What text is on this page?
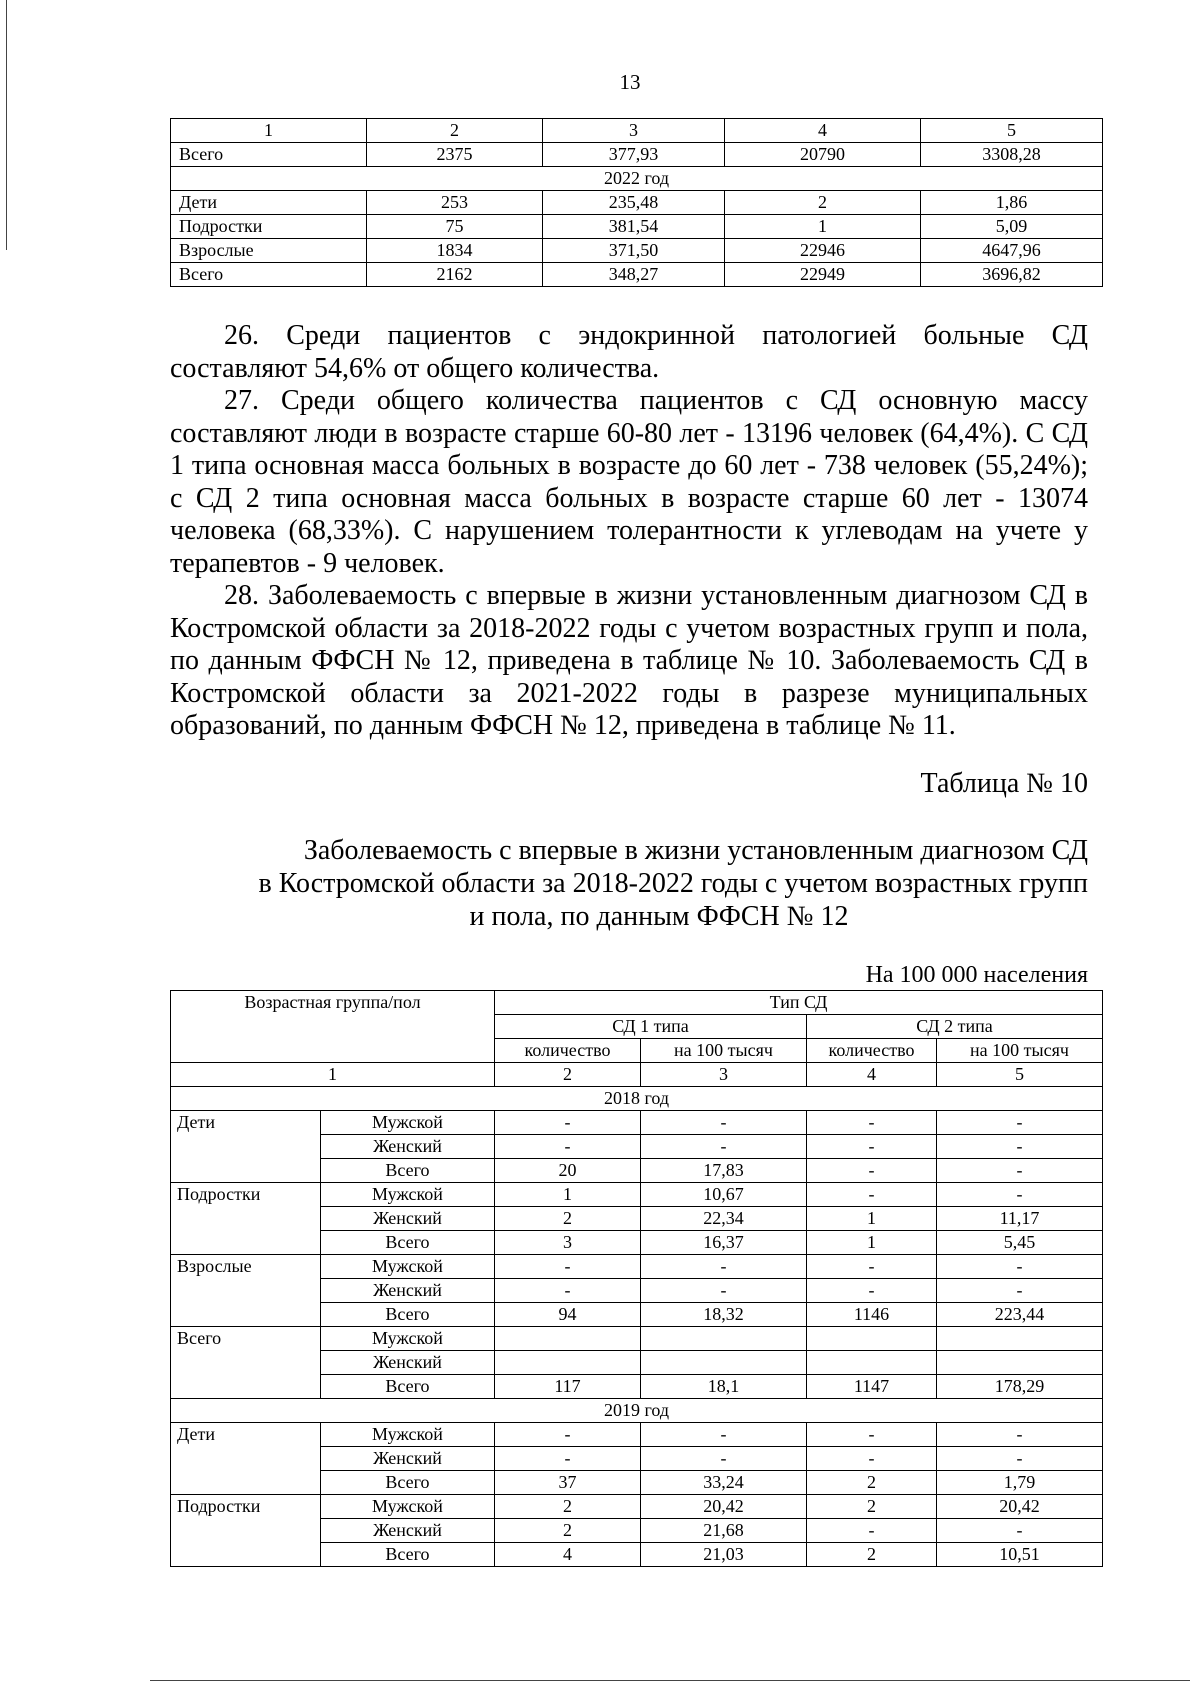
13
1	2	3	4	5
Всего	2375	377,93	20790	3308,28
2022 год				
Дети	253	235,48	2	1,86
Подростки	75	381,54	1	5,09
Взрослые	1834	371,50	22946	4647,96
Всего	2162	348,27	22949	3696,82

26. Среди пациентов с эндокринной патологией больные СД составляют 54,6% от общего количества.

27. Среди общего количества пациентов с СД основную массу составляют люди в возрасте старше 60-80 лет - 13196 человек (64,4%). С СД 1 типа основная масса больных в возрасте до 60 лет - 738 человек (55,24%); с СД 2 типа основная масса больных в возрасте старше 60 лет - 13074 человека (68,33%). С нарушением толерантности к углеводам на учете у терапевтов - 9 человек.

28. Заболеваемость с впервые в жизни установленным диагнозом СД в Костромской области за 2018-2022 годы с учетом возрастных групп и пола, по данным ФФСН № 12, приведена в таблице № 10. Заболеваемость СД в Костромской области за 2021-2022 годы в разрезе муниципальных образований, по данным ФФСН № 12, приведена в таблице № 11.

Таблица № 10
Заболеваемость с впервые в жизни установленным диагнозом СД
в Костромской области за 2018-2022 годы с учетом возрастных групп
и пола, по данным ФФСН № 12
На 100 000 населения
Возрастная группа/пол		Тип СД			
		СД 1 типа		СД 2 типа	
		количество	на 100 тысяч	количество	на 100 тысяч
1		2	3	4	5
2018 год					
Дети	Мужской	-	-	-	-
	Женский	-	-	-	-
	Всего	20	17,83	-	-
Подростки	Мужской	1	10,67	-	-
	Женский	2	22,34	1	11,17
	Всего	3	16,37	1	5,45
Взрослые	Мужской	-	-	-	-
	Женский	-	-	-	-
	Всего	94	18,32	1146	223,44
Всего	Мужской				
	Женский				
	Всего	117	18,1	1147	178,29
2019 год					
Дети	Мужской	-	-	-	-
	Женский	-	-	-	-
	Всего	37	33,24	2	1,79
Подростки	Мужской	2	20,42	2	20,42
	Женский	2	21,68	-	-
	Всего	4	21,03	2	10,51
